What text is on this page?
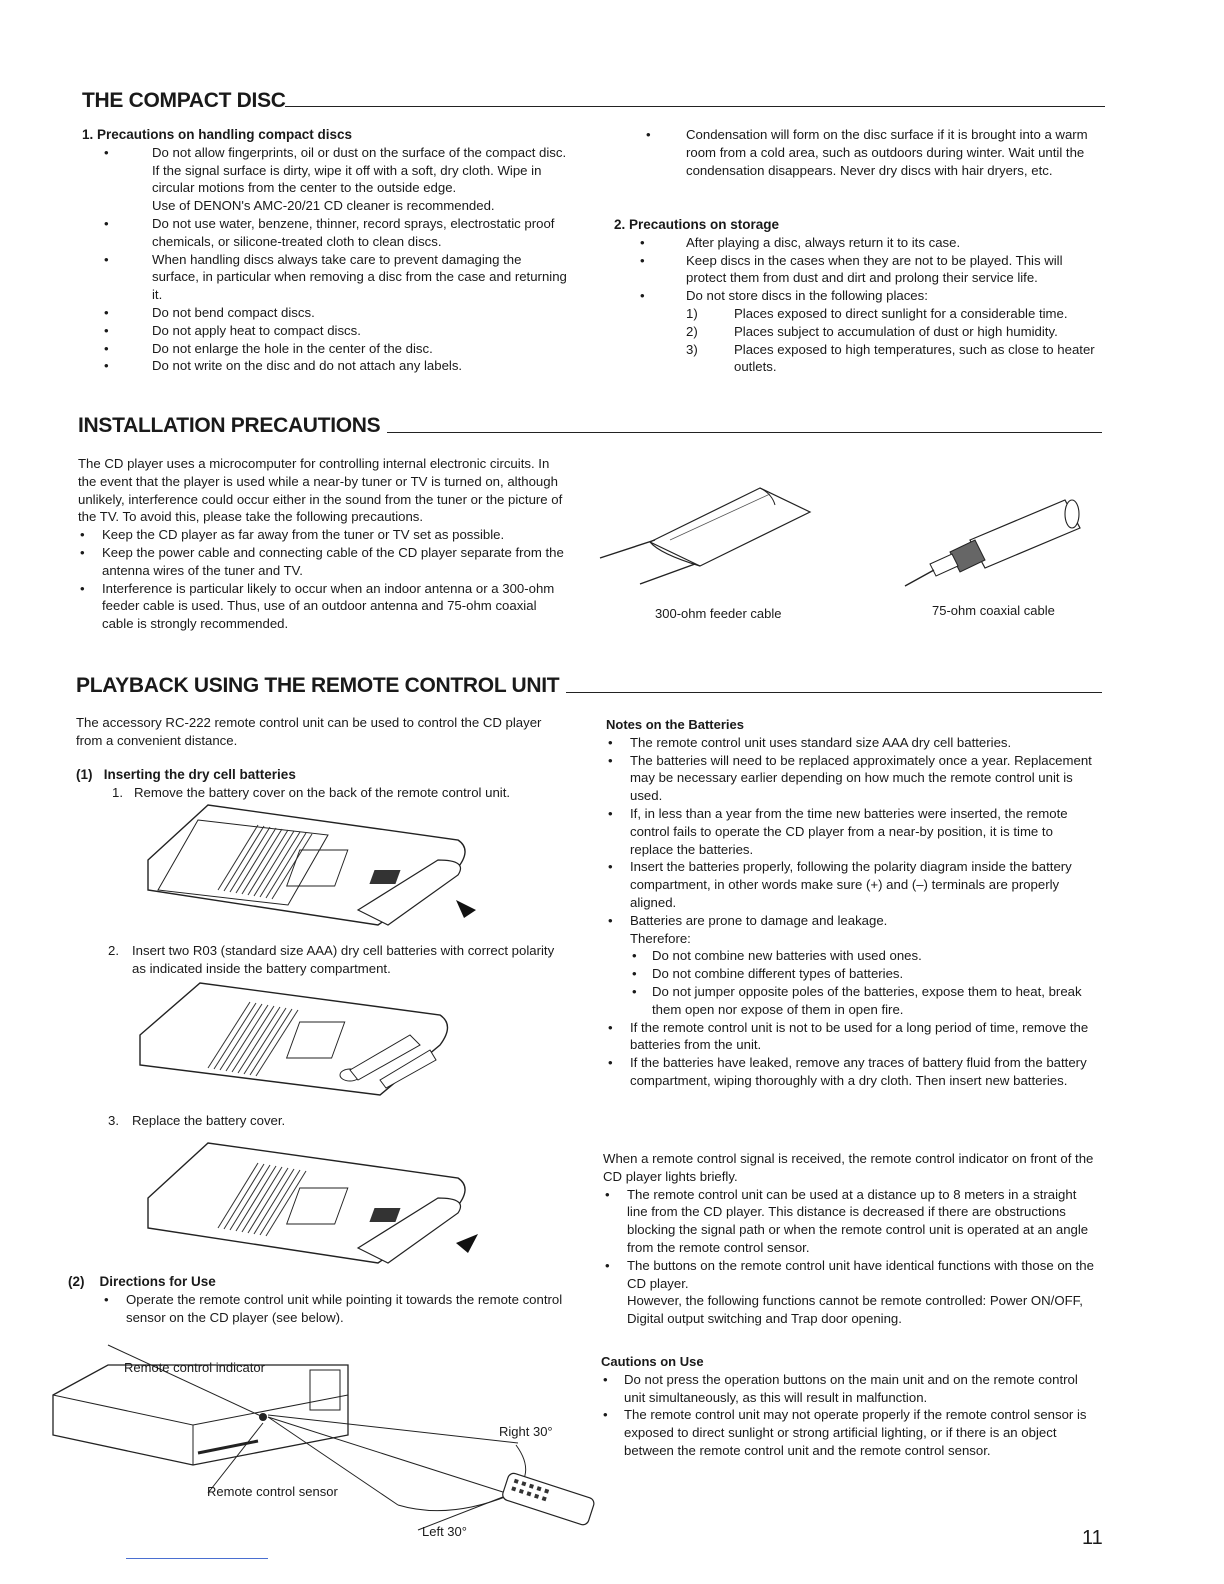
THE COMPACT DISC
1. Precautions on handling compact discs
•	Do not allow fingerprints, oil or dust on the surface of the compact disc. If the signal surface is dirty, wipe it off with a soft, dry cloth. Wipe in circular motions from the center to the outside edge.
Use of DENON's AMC-20/21 CD cleaner is recommended.
•	Do not use water, benzene, thinner, record sprays, electrostatic proof chemicals, or silicone-treated cloth to clean discs.
•	When handling discs always take care to prevent damaging the surface, in particular when removing a disc from the case and returning it.
•	Do not bend compact discs.
•	Do not apply heat to compact discs.
•	Do not enlarge the hole in the center of the disc.
•	Do not write on the disc and do not attach any labels.
•	Condensation will form on the disc surface if it is brought into a warm room from a cold area, such as outdoors during winter. Wait until the condensation disappears. Never dry discs with hair dryers, etc.
2. Precautions on storage
•	After playing a disc, always return it to its case.
•	Keep discs in the cases when they are not to be played. This will protect them from dust and dirt and prolong their service life.
•	Do not store discs in the following places:
1)	Places exposed to direct sunlight for a considerable time.
2)	Places subject to accumulation of dust or high humidity.
3)	Places exposed to high temperatures, such as close to heater outlets.
INSTALLATION PRECAUTIONS
The CD player uses a microcomputer for controlling internal electronic circuits. In the event that the player is used while a near-by tuner or TV is turned on, although unlikely, interference could occur either in the sound from the tuner or the picture of the TV. To avoid this, please take the following precautions.
• Keep the CD player as far away from the tuner or TV set as possible.
• Keep the power cable and connecting cable of the CD player separate from the antenna wires of the tuner and TV.
• Interference is particular likely to occur when an indoor antenna or a 300-ohm feeder cable is used. Thus, use of an outdoor antenna and 75-ohm coaxial cable is strongly recommended.
300-ohm feeder cable	75-ohm coaxial cable
PLAYBACK USING THE REMOTE CONTROL UNIT
The accessory RC-222 remote control unit can be used to control the CD player from a convenient distance.
(1) Inserting the dry cell batteries
1. Remove the battery cover on the back of the remote control unit.
2. Insert two R03 (standard size AAA) dry cell batteries with correct polarity as indicated inside the battery compartment.
3. Replace the battery cover.
(2) Directions for Use
• Operate the remote control unit while pointing it towards the remote control sensor on the CD player (see below).
Remote control indicator
Remote control sensor
Right 30°
Left 30°
Notes on the Batteries
• The remote control unit uses standard size AAA dry cell batteries.
• The batteries will need to be replaced approximately once a year. Replacement may be necessary earlier depending on how much the remote control unit is used.
• If, in less than a year from the time new batteries were inserted, the remote control fails to operate the CD player from a near-by position, it is time to replace the batteries.
• Insert the batteries properly, following the polarity diagram inside the battery compartment, in other words make sure (+) and (–) terminals are properly aligned.
• Batteries are prone to damage and leakage.
Therefore:
• Do not combine new batteries with used ones.
• Do not combine different types of batteries.
• Do not jumper opposite poles of the batteries, expose them to heat, break them open nor expose of them in open fire.
• If the remote control unit is not to be used for a long period of time, remove the batteries from the unit.
• If the batteries have leaked, remove any traces of battery fluid from the battery compartment, wiping thoroughly with a dry cloth. Then insert new batteries.
When a remote control signal is received, the remote control indicator on front of the CD player lights briefly.
• The remote control unit can be used at a distance up to 8 meters in a straight line from the CD player. This distance is decreased if there are obstructions blocking the signal path or when the remote control unit is operated at an angle from the remote control sensor.
• The buttons on the remote control unit have identical functions with those on the CD player.
However, the following functions cannot be remote controlled: Power ON/OFF, Digital output switching and Trap door opening.
Cautions on Use
• Do not press the operation buttons on the main unit and on the remote control unit simultaneously, as this will result in malfunction.
• The remote control unit may not operate properly if the remote control sensor is exposed to direct sunlight or strong artificial lighting, or if there is an object between the remote control unit and the remote control sensor.
11
